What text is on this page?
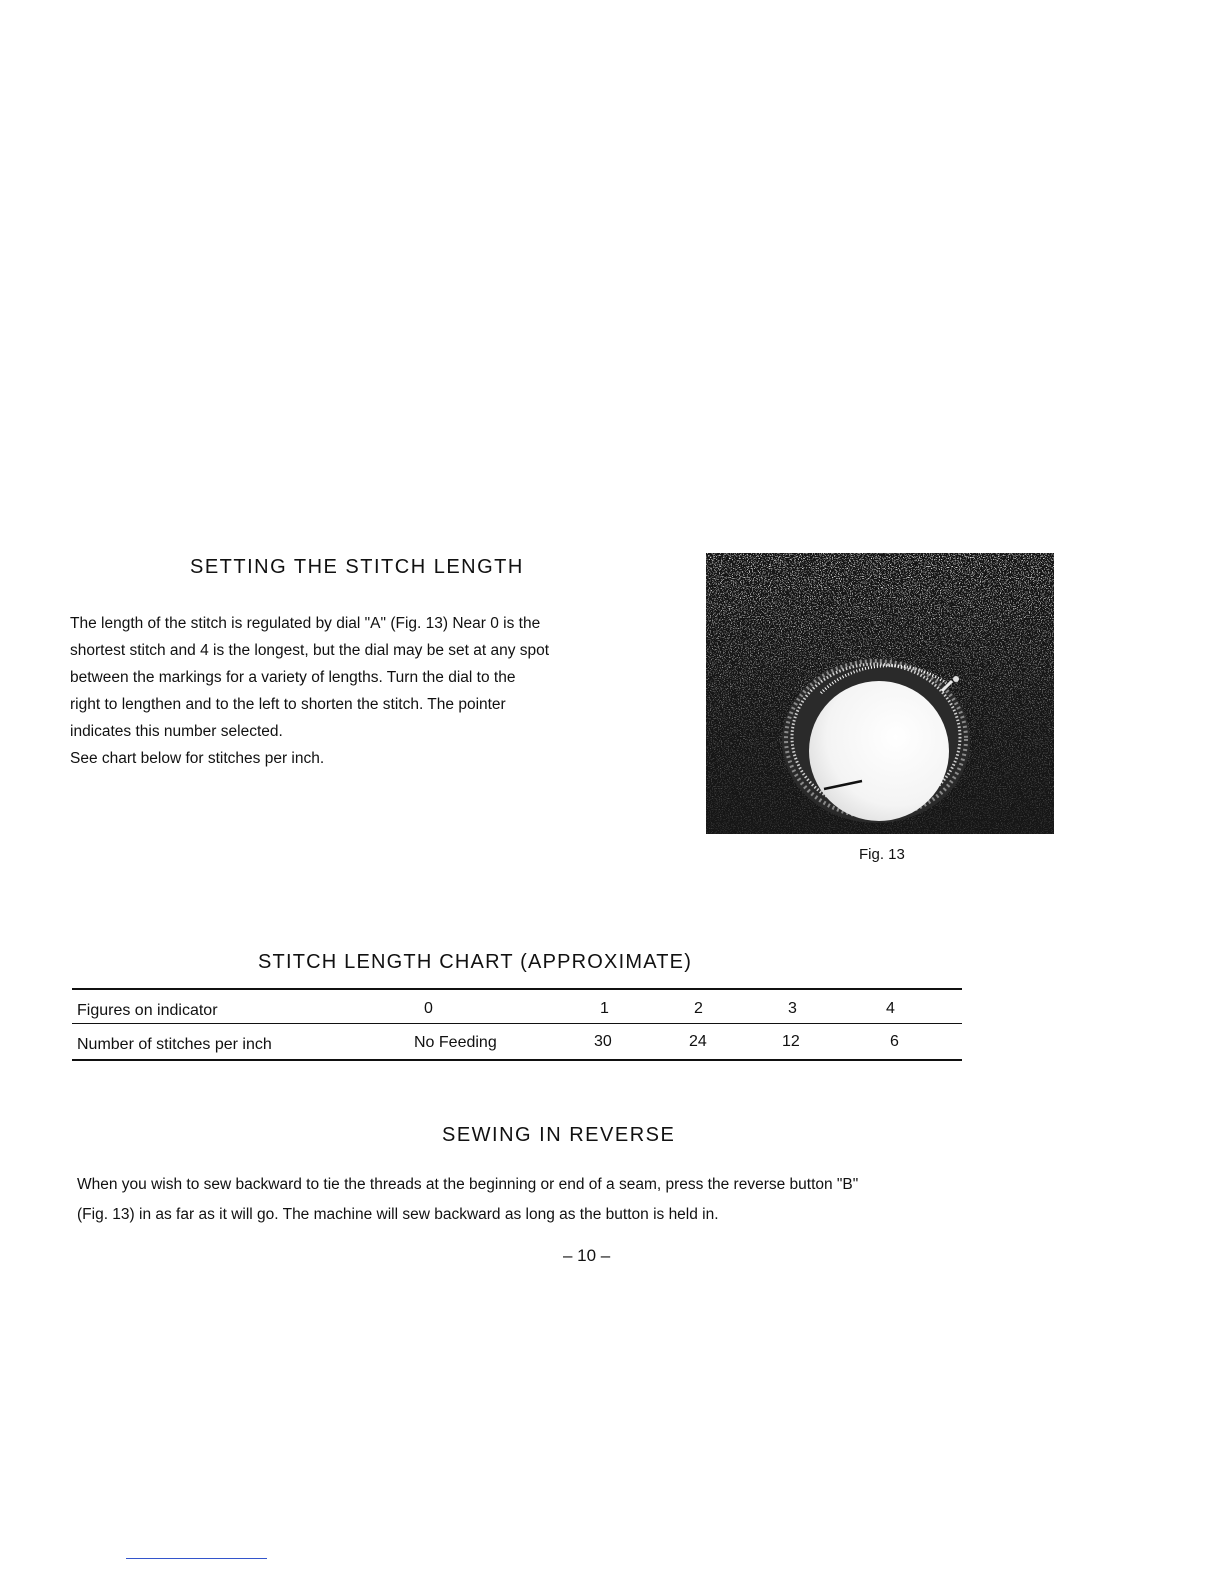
SETTING THE STITCH LENGTH
The length of the stitch is regulated by dial "A" (Fig. 13) Near 0 is the
shortest stitch and 4 is the longest, but the dial may be set at any spot
between the markings for a variety of lengths. Turn the dial to the
right to lengthen and to the left to shorten the stitch. The pointer
indicates this number selected.
See chart below for stitches per inch.
Fig. 13
STITCH LENGTH CHART (APPROXIMATE)
Figures on indicator	0	1	2	3	4
Number of stitches per inch	No Feeding	30	24	12	6
SEWING IN REVERSE
When you wish to sew backward to tie the threads at the beginning or end of a seam, press the reverse button "B"
(Fig. 13) in as far as it will go. The machine will sew backward as long as the button is held in.
– 10 –
